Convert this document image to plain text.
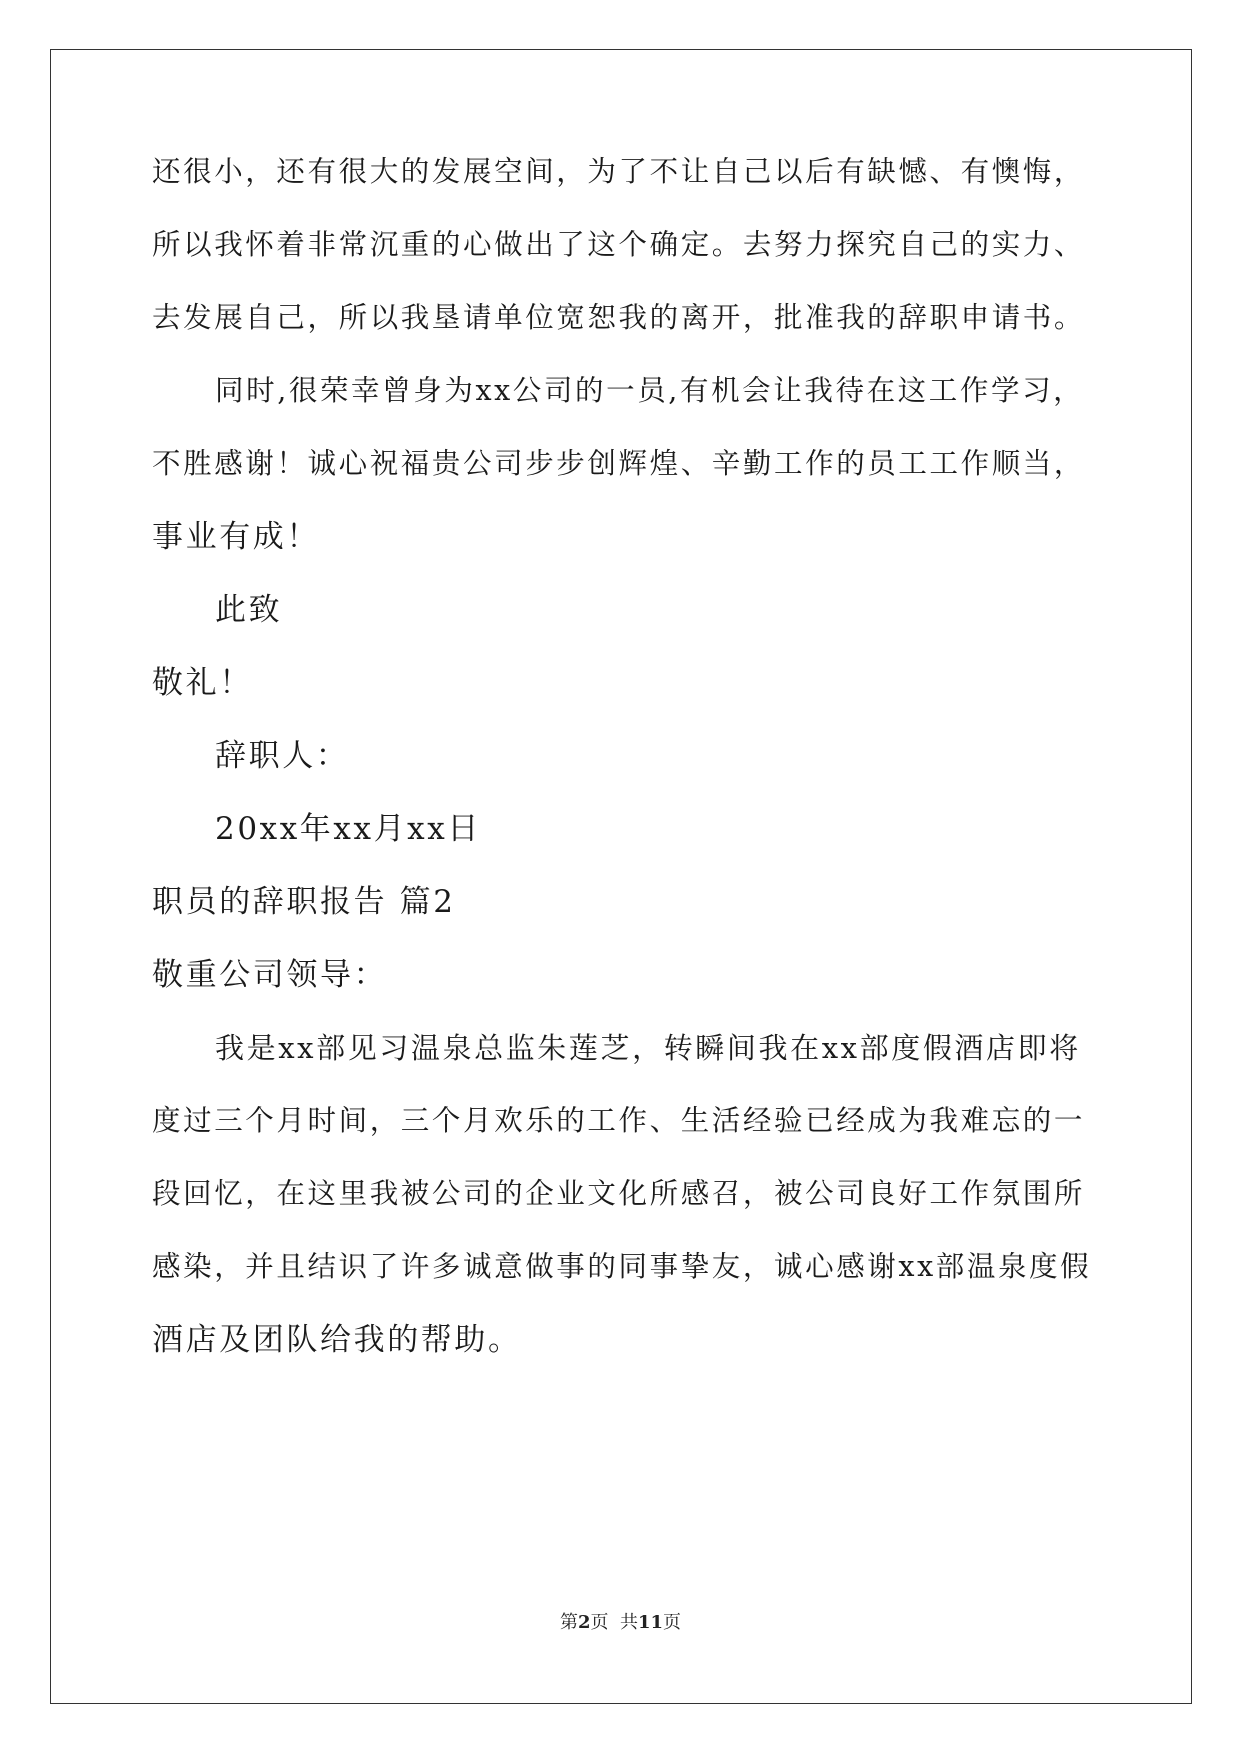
还很小，还有很大的发展空间，为了不让自己以后有缺憾、有懊悔，
所以我怀着非常沉重的心做出了这个确定。去努力探究自己的实力、
去发展自己，所以我垦请单位宽恕我的离开，批准我的辞职申请书。
同时,很荣幸曾身为xx公司的一员,有机会让我待在这工作学习，
不胜感谢！诚心祝福贵公司步步创辉煌、辛勤工作的员工工作顺当，
事业有成！
此致
敬礼！
辞职人：
20xx年xx月xx日
职员的辞职报告 篇2
敬重公司领导：
我是xx部见习温泉总监朱莲芝，转瞬间我在xx部度假酒店即将
度过三个月时间，三个月欢乐的工作、生活经验已经成为我难忘的一
段回忆，在这里我被公司的企业文化所感召，被公司良好工作氛围所
感染，并且结识了许多诚意做事的同事挚友，诚心感谢xx部温泉度假
酒店及团队给我的帮助。
第2页  共11页
